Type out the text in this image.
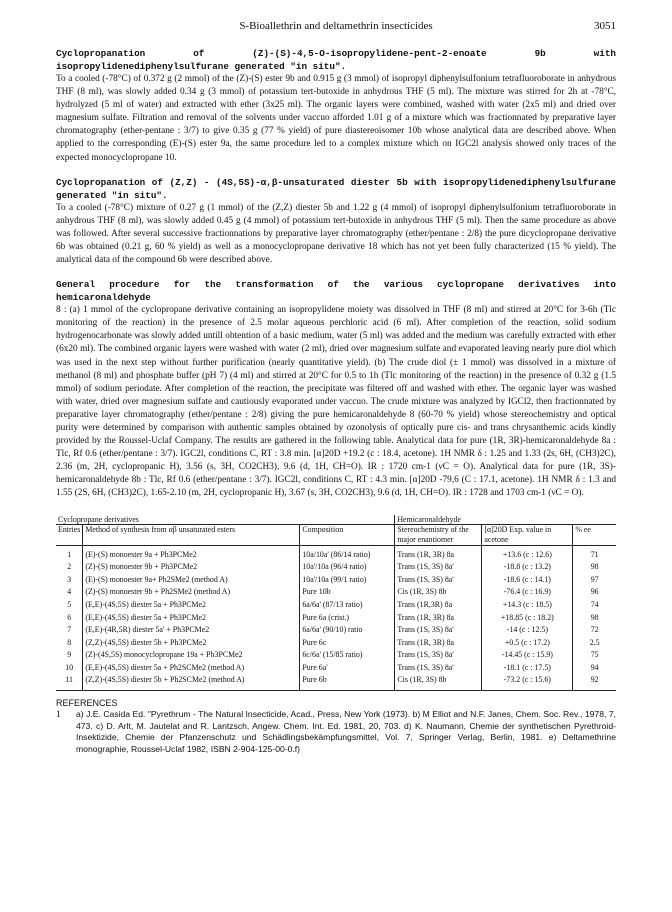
S-Bioallethrin and deltamethrin insecticides	3051
Cyclopropanation of (Z)-(S)-4,5-O-isopropylidene-pent-2-enoate 9b with isopropylidenediphenylsulfurane generated "in situ".

To a cooled (-78°C) of 0.372 g (2 mmol) of the (Z)-(S) ester 9b and 0.915 g (3 mmol) of isopropyl diphenylsulfonium tetrafluoroborate in anhydrous THF (8 ml), was slowly added 0.34 g (3 mmol) of potassium tert-butoxide in anhydrous THF (5 ml). The mixture was stirred for 2h at -78°C, hydrolyzed (5 ml of water) and extracted with ether (3x25 ml). The organic layers were combined, washed with water (2x5 ml) and dried over magnesium sulfate. Filtration and removal of the solvents under vaccuo afforded 1.01 g of a mixture which was fractionnated by preparative layer chromatography (ether-pentane : 3/7) to give 0.35 g (77 % yield) of pure diastereoisomer 10b whose analytical data are described above. When applied to the corresponding (E)-(S) ester 9a, the same procedure led to a complex mixture which on IGC2l analysis showed only traces of the expected monocyclopropane 10.

Cyclopropanation of (Z,Z) - (4S,5S)-α,β-unsaturated diester 5b with isopropylidenediphenylsulfurane generated "in situ".

To a cooled (-78°C) mixture of 0.27 g (1 mmol) of the (Z,Z) diester 5b and 1.22 g (4 mmol) of isopropyl diphenylsulfonium tetrafluoroborate in anhydrous THF (8 ml), was slowly added 0.45 g (4 mmol) of potassium tert-butoxide in anhydrous THF (5 ml). Then the same procedure as above was followed. After several successive fractionnations by preparative layer chromatography (ether/pentane : 2/8) the pure dicyclopropane derivative 6b was obtained (0.21 g, 60 % yield) as well as a monocyclopropane derivative 18 which has not yet been fully characterized (15 % yield). The analytical data of the compound 6b were described above.

General procedure for the transformation of the various cyclopropane derivatives into hemicaronaldehyde

8 : (a) 1 mmol of the cyclopropane derivative containing an isopropylidene moiety was dissolved in THF (8 ml) and stirred at 20°C for 3-6h (Tlc monitoring of the reaction) in the presence of 2.5 molar aqueous perchloric acid (6 ml). After completion of the reaction, solid sodium hydrogenocarbonate was slowly added untill obtention of a basic medium, water (5 ml) was added and the medium was carefully extracted with ether (6x20 ml). The combined organic layers were washed with water (2 ml), dried over magnesium sulfate and evaporated leaving nearly pure diol which was used in the next step without further purification (nearly quantitative yield). (b) The crude diol (± 1 mmol) was dissolved in a mixture of methanol (8 ml) and phosphate buffer (pH 7) (4 ml) and stirred at 20°C for 0.5 to 1h (Tlc monitoring of the reaction) in the presence of 0.32 g (1.5 mmol) of sodium periodate. After completion of the reaction, the precipitate was filtered off and washed with ether. The organic layer was washed with water, dried over magnesium sulfate and cautiously evaporated under vaccuo. The crude mixture was analyzed by IGCl2, then fractionnated by preparative layer chromatography (ether/pentane : 2/8) giving the pure hemicaronaldehyde 8 (60-70 % yield) whose stereochemistry and optical purity were determined by comparison with authentic samples obtained by ozonolysis of optically pure cis- and trans chrysanthemic acids kindly provided by the Roussel-Uclaf Company. The results are gathered in the following table. Analytical data for pure (1R, 3R)-hemicaronaldehyde 8a : Tlc, Rf 0.6 (ether/pentane : 3/7). IGC2l, conditions C, RT : 3.8 min. [α]20D +19.2 (c : 18.4, acetone). 1H NMR δ : 1.25 and 1.33 (2s, 6H, (CH3)2C), 2.36 (m, 2H, cyclopropanic H), 3.56 (s, 3H, CO2CH3), 9.6 (d, 1H, CH=O). IR : 1720 cm-1 (νC = O). Analytical data for pure (1R, 3S)-hemicaronaldehyde 8b : Tlc, Rf 0.6 (ether/pentane : 3/7). IGC2l, conditions C, RT : 4.3 min. [α]20D -79,6 (C : 17.1, acetone). 1H NMR δ : 1.3 and 1.55 (2S, 6H, (CH3)2C), 1.65-2.10 (m, 2H, cyclopropanic H), 3.67 (s, 3H, CO2CH3), 9.6 (d, 1H, CH=O). IR : 1728 and 1703 cm-1 (νC = O).

Cyclopropane derivatives			Hemicaronaldehyde		
Entries	Method of synthesis from αβ unsaturated esters	Composition	Stereochemistry of the major enantiomer	[α]20D Exp. value in acetone	% ee
1	(E)-(S) monoester 9a + Ph3PCMe2	10a/10a' (86/14 ratio)	Trans (1R, 3R) 8a	+13.6 (c : 12.6)	71
2	(Z)-(S) monoester 9b + Ph3PCMe2	10a'/10a (96/4 ratio)	Trans (1S, 3S) 8a'	-18.8 (c : 13.2)	98
3	(E)-(S) monoester 9a+ Ph2SMe2 (method A)	10a'/10a (99/1 ratio)	Trans (1S, 3S) 8a'	-18.6 (c : 14.1)	97
4	(Z)-(S) monoester 9b + Ph2SMe2 (method A)	Pure 10b	Cis (1R, 3S) 8b	-76.4 (c : 16.9)	96
5	(E,E)-(4S,5S) diester 5a + Ph3PCMe2	6a/6a' (87/13 ratio)	Trans (1R,3R) 8a	+14.3 (c : 18.5)	74
6	(E,E)-(4S,5S) diester 5a + Ph3PCMe2	Pure 6a (crist.)	Trans (1R, 3R) 8a	+18.85 (c : 18.2)	98
7	(E,E)-(4R,5R) diester 5a' + Ph3PCMe2	6a/6a' (90/10) ratio	Trans (1S, 3S) 8a'	-14 (c : 12.5)	72
8	(Z,Z)-(4S,5S) diester 5b + Ph3PCMe2	Pure 6c	Trans (1R, 3R) 8a	+0.5 (c : 17.2)	2.5
9	(Z)-(4S,5S) monocyclopropane 19a + Ph3PCMe2	6c/6a' (15/85 ratio)	Trans (1S, 3S) 8a'	-14.45 (c : 15.9)	75
10	(E,E)-(4S,5S) diester 5a + Ph2SCMe2 (method A)	Pure 6a'	Trans (1S, 3S) 8a'	-18.1 (c : 17.5)	94
11	(Z,Z)-(4S,5S) diester 5b + Ph2SCMe2 (method A)	Pure 6b	Cis (1R, 3S) 8b	-73.2 (c : 15.6)	92
REFERENCES
1	a) J.E. Casida Ed. "Pyrethrum - The Natural Insecticide, Acad., Press, New York (1973). b) M Elliot and N.F. Janes, Chem. Soc. Rev., 1978, 7, 473. c) D. Arlt, M. Jautelat and R. Lantzsch, Angew. Chem. Int. Ed. 1981, 20, 703. d) K. Naumann, Chemie der synthetischen Pyrethroid-Insektizide, Chemie der Pfanzenschutz und Schädlingsbekämpfungsmittel, Vol. 7, Springer Verlag, Berlin, 1981. e) Deltamethrine monographie, Roussel-Uclaf 1982, ISBN 2-904-125-00-0.f)
